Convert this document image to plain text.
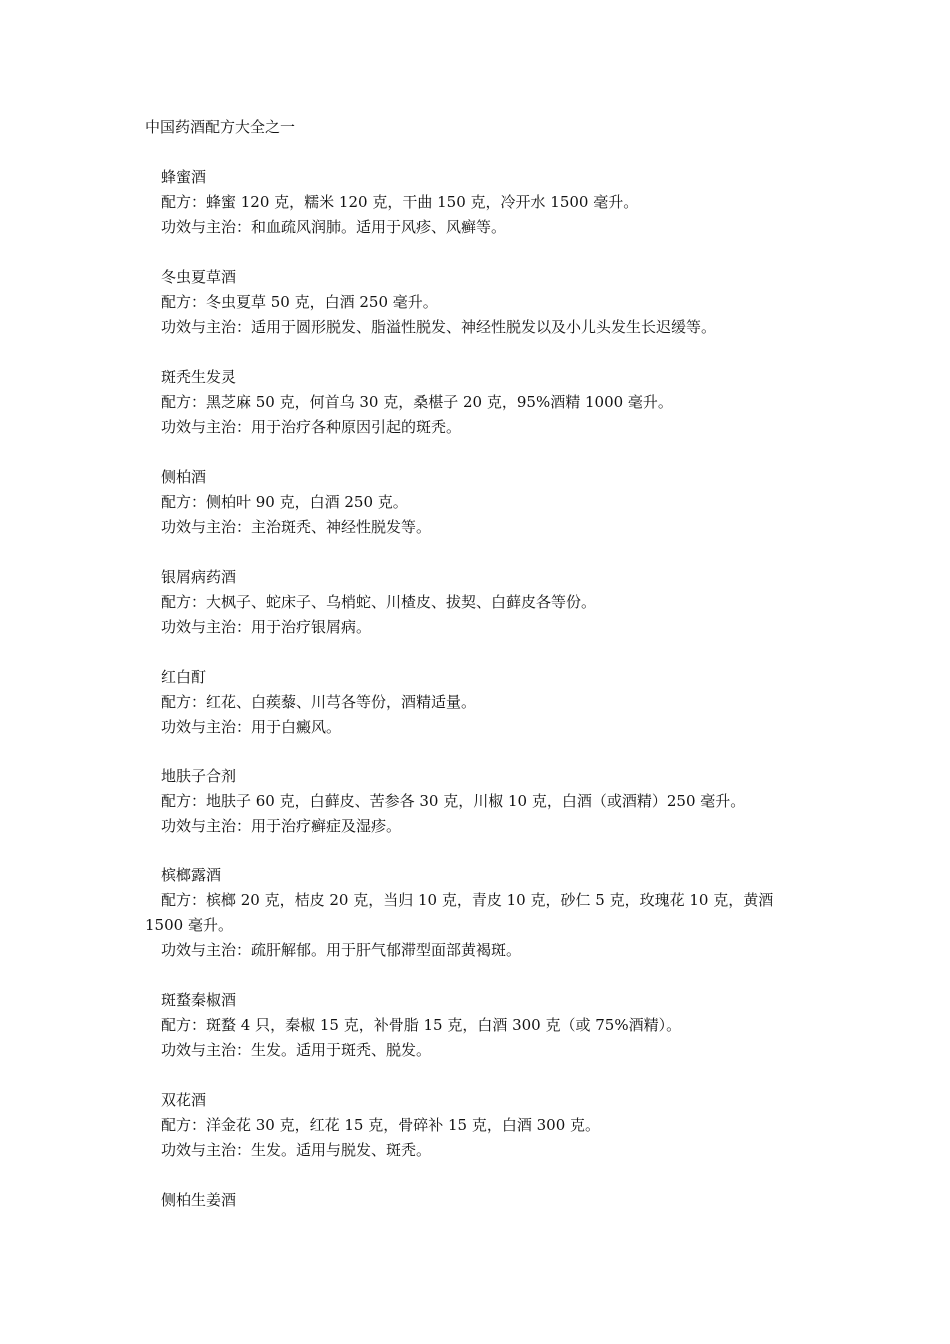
中国药酒配方大全之一

蜂蜜酒

配方：蜂蜜 120 克，糯米 120 克，干曲 150 克，冷开水 1500 毫升。

功效与主治：和血疏风润肺。适用于风疹、风癣等。

冬虫夏草酒

配方：冬虫夏草 50 克，白酒 250 毫升。

功效与主治：适用于圆形脱发、脂溢性脱发、神经性脱发以及小儿头发生长迟缓等。

斑秃生发灵

配方：黑芝麻 50 克，何首乌 30 克，桑椹子 20 克，95%酒精 1000 毫升。

功效与主治：用于治疗各种原因引起的斑秃。

侧柏酒

配方：侧柏叶 90 克，白酒 250 克。

功效与主治：主治斑秃、神经性脱发等。

银屑病药酒

配方：大枫子、蛇床子、乌梢蛇、川楂皮、拔契、白藓皮各等份。

功效与主治：用于治疗银屑病。

红白酊

配方：红花、白蒺藜、川芎各等份，酒精适量。

功效与主治：用于白癜风。

地肤子合剂

配方：地肤子 60 克，白藓皮、苦参各 30 克，川椒 10 克，白酒（或酒精）250 毫升。

功效与主治：用于治疗癣症及湿疹。

槟榔露酒

配方：槟榔 20 克，桔皮 20 克，当归 10 克，青皮 10 克，砂仁 5 克，玫瑰花 10 克，黄酒 1500 毫升。

功效与主治：疏肝解郁。用于肝气郁滞型面部黄褐斑。

斑蝥秦椒酒

配方：斑蝥 4 只，秦椒 15 克，补骨脂 15 克，白酒 300 克（或 75%酒精）。

功效与主治：生发。适用于斑秃、脱发。

双花酒

配方：洋金花 30 克，红花 15 克，骨碎补 15 克，白酒 300 克。

功效与主治：生发。适用与脱发、斑秃。

侧柏生姜酒
